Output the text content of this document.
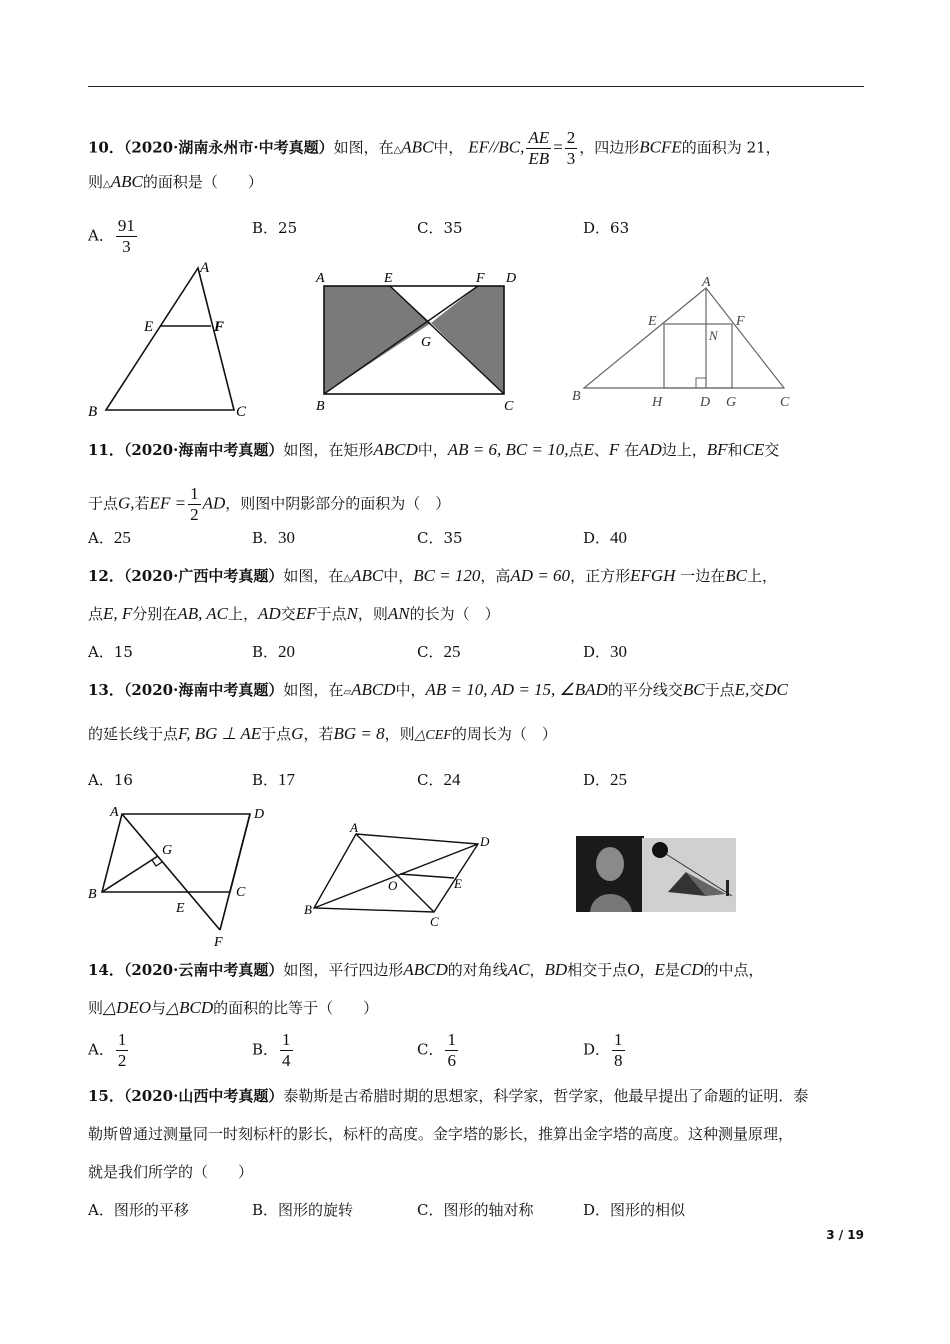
10．（2020·湖南永州市·中考真题）如图，在△ABC中， EF//BC, $\frac{AE}{EB} = \frac{2}{3}$ ，四边形BCFE的面积为 21，
则△ABC的面积是（　　）
A． $\frac{91}{3}$	B．25	C．35	D．63
A
B	C
E	F
A	E	F D
G
B	C
A
E	F
N
B	H	D G	C
11．（2020·海南中考真题）如图，在矩形ABCD中，AB = 6, BC = 10,点E、F 在AD边上，BF和CE交
于点G,若EF = $\frac{1}{2}$ AD，则图中阴影部分的面积为（　）
A．25	B．30	C．35	D．40
12．（2020·广西中考真题）如图，在△ABC中，BC = 120，高AD = 60，正方形EFGH 一边在BC上，
点E, F分别在AB, AC上，AD交EF于点N，则AN的长为（　）
A．15	B．20	C．25	D．30
13．（2020·海南中考真题）如图，在▱ABCD中，AB = 10, AD = 15, ∠BAD的平分线交BC于点E,交DC
的延长线于点F, BG ⊥ AE于点G，若BG = 8，则△CEF的周长为（　）
A．16	B．17	C．24	D．25
A	D
G
B	C
E
F
A
D
O	E
B
C
14．（2020·云南中考真题）如图，平行四边形ABCD的对角线AC，BD相交于点O，E是CD的中点，
则△DEO与△BCD的面积的比等于（　　）
A． $\frac{1}{2}$	B． $\frac{1}{4}$	C． $\frac{1}{6}$	D． $\frac{1}{8}$
15．（2020·山西中考真题）泰勒斯是古希腊时期的思想家，科学家，哲学家，他最早提出了命题的证明．泰
勒斯曾通过测量同一时刻标杆的影长，标杆的高度。金字塔的影长，推算出金字塔的高度。这种测量原理，
就是我们所学的（　　）
A．图形的平移	B．图形的旋转	C．图形的轴对称	D．图形的相似
3 / 19
